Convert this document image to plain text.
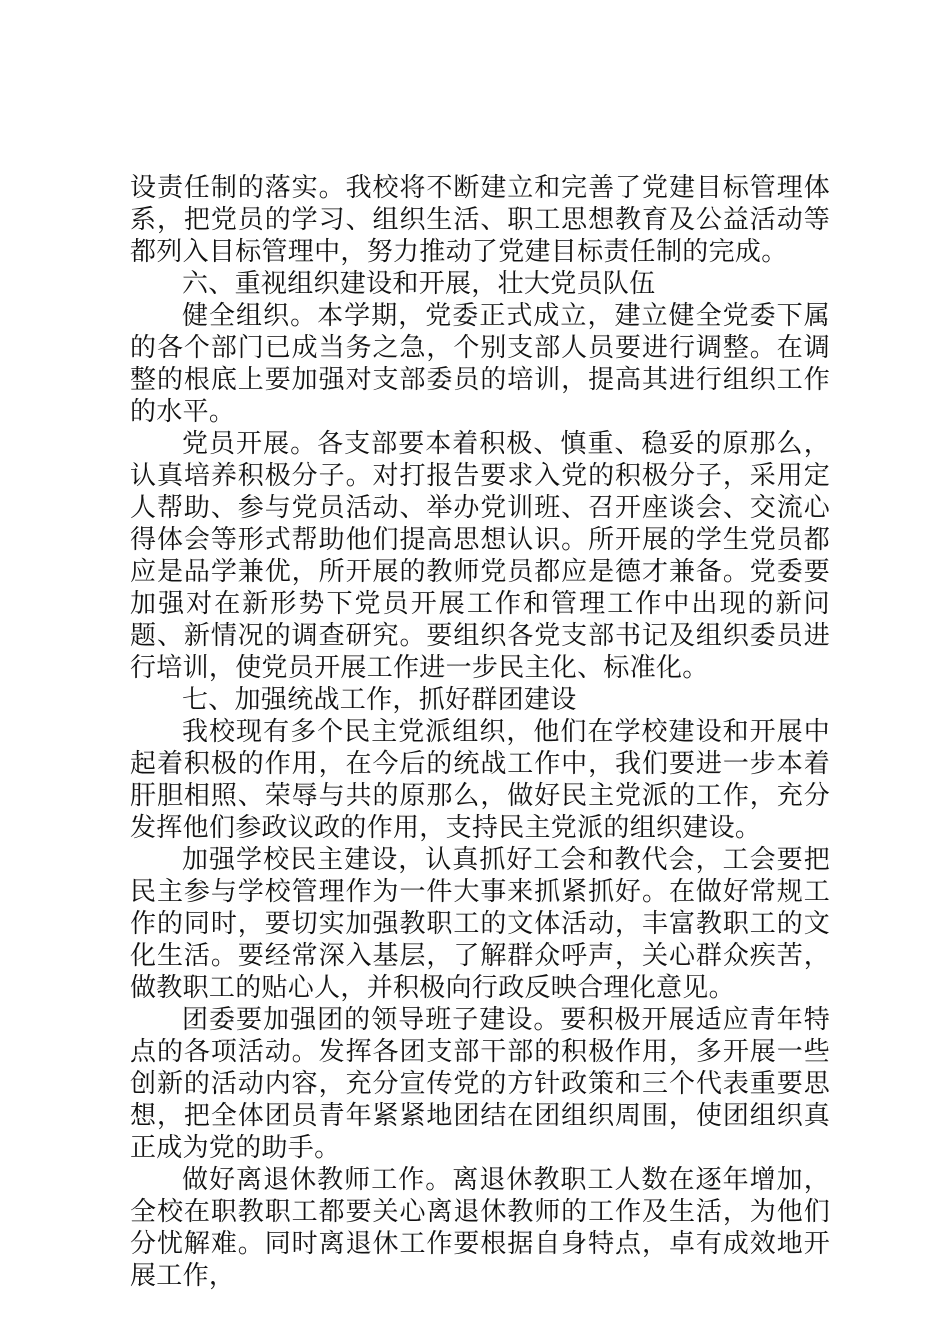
设责任制的落实。我校将不断建立和完善了党建目标管理体系，把党员的学习、组织生活、职工思想教育及公益活动等都列入目标管理中，努力推动了党建目标责任制的完成。

六、重视组织建设和开展，壮大党员队伍

健全组织。本学期，党委正式成立，建立健全党委下属的各个部门已成当务之急，个别支部人员要进行调整。在调整的根底上要加强对支部委员的培训，提高其进行组织工作的水平。

党员开展。各支部要本着积极、慎重、稳妥的原那么，认真培养积极分子。对打报告要求入党的积极分子，采用定人帮助、参与党员活动、举办党训班、召开座谈会、交流心得体会等形式帮助他们提高思想认识。所开展的学生党员都应是品学兼优，所开展的教师党员都应是德才兼备。党委要加强对在新形势下党员开展工作和管理工作中出现的新问题、新情况的调查研究。要组织各党支部书记及组织委员进行培训，使党员开展工作进一步民主化、标准化。

七、加强统战工作，抓好群团建设

我校现有多个民主党派组织，他们在学校建设和开展中起着积极的作用，在今后的统战工作中，我们要进一步本着肝胆相照、荣辱与共的原那么，做好民主党派的工作，充分发挥他们参政议政的作用，支持民主党派的组织建设。

加强学校民主建设，认真抓好工会和教代会，工会要把民主参与学校管理作为一件大事来抓紧抓好。在做好常规工作的同时，要切实加强教职工的文体活动，丰富教职工的文化生活。要经常深入基层，了解群众呼声，关心群众疾苦，做教职工的贴心人，并积极向行政反映合理化意见。

团委要加强团的领导班子建设。要积极开展适应青年特点的各项活动。发挥各团支部干部的积极作用，多开展一些创新的活动内容，充分宣传党的方针政策和三个代表重要思想，把全体团员青年紧紧地团结在团组织周围，使团组织真正成为党的助手。

做好离退休教师工作。离退休教职工人数在逐年增加，全校在职教职工都要关心离退休教师的工作及生活，为他们分忧解难。同时离退休工作要根据自身特点，卓有成效地开展工作，
